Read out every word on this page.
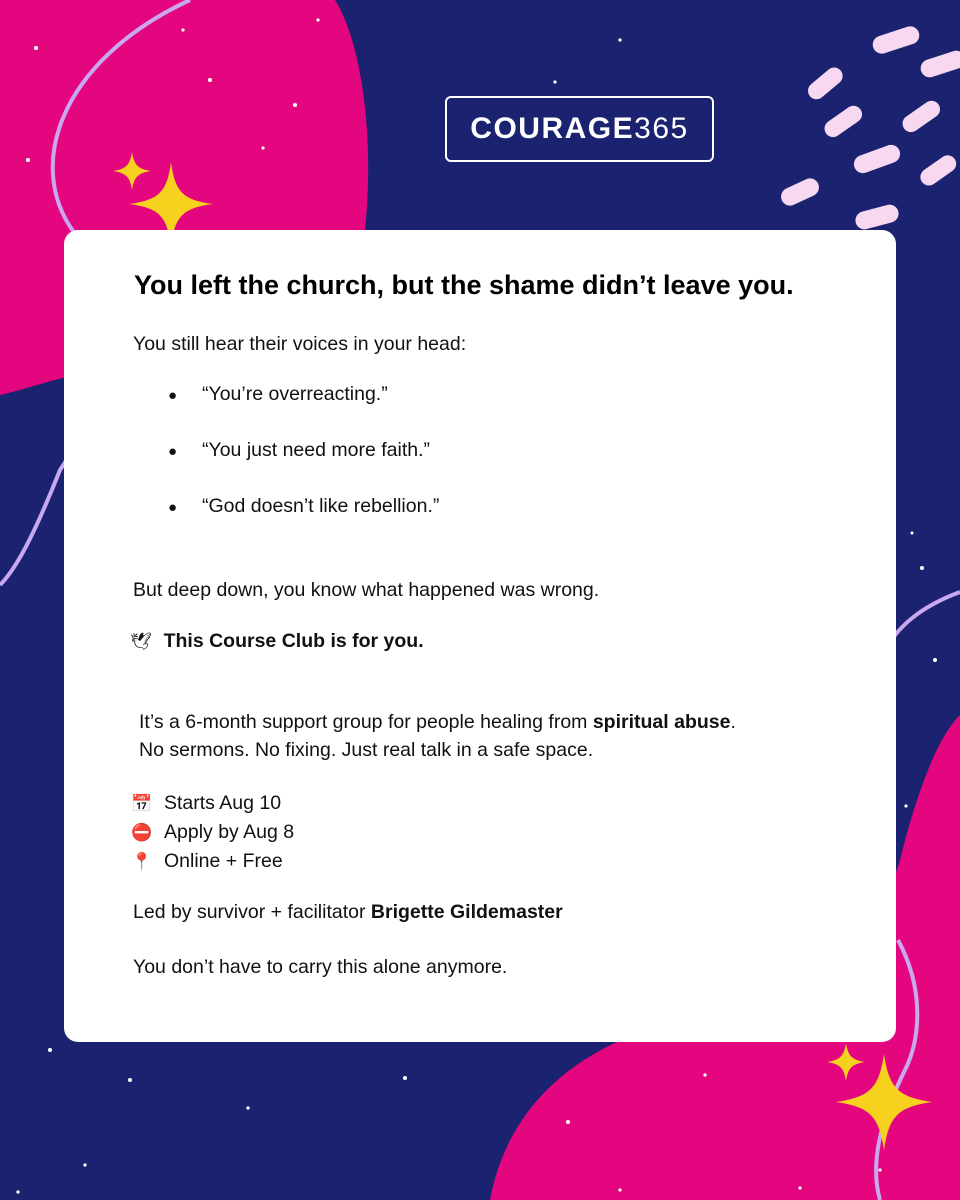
COURAGE 365
You left the church, but the shame didn’t leave you.

You still hear their voices in your head:

● “You’re overreacting.”
● “You just need more faith.”
● “God doesn’t like rebellion.”

But deep down, you know what happened was wrong.

🕊 This Course Club is for you.

It’s a 6-month support group for people healing from spiritual abuse.
No sermons. No fixing. Just real talk in a safe space.

📅 Starts Aug 10
⛔ Apply by Aug 8
📍 Online + Free

Led by survivor + facilitator Brigette Gildemaster

You don’t have to carry this alone anymore.
